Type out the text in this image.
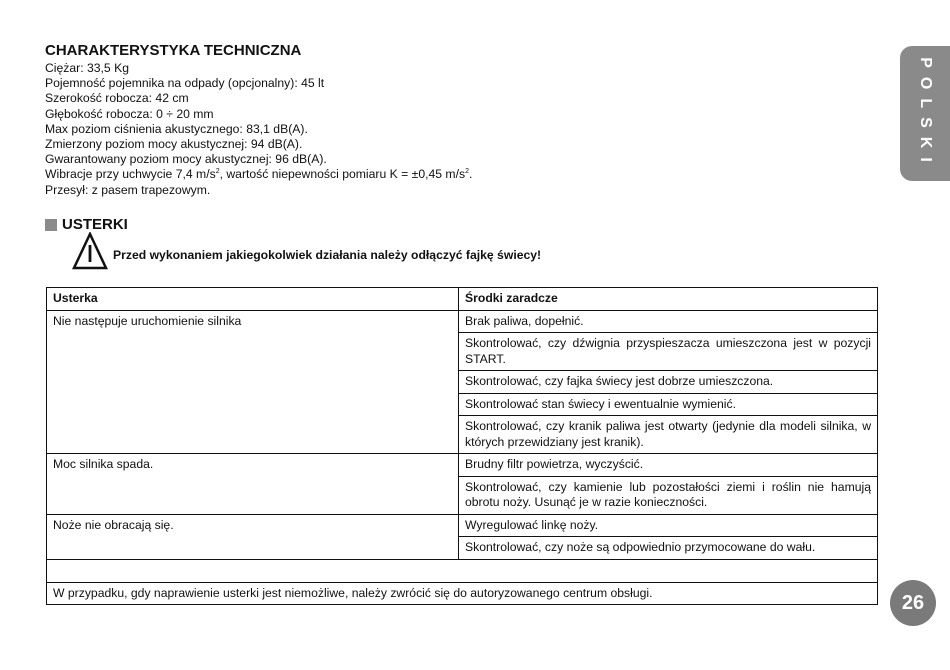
CHARAKTERYSTYKA TECHNICZNA
Ciężar: 33,5 Kg
Pojemność pojemnika na odpady (opcjonalny): 45 lt
Szerokość robocza: 42 cm
Głębokość robocza: 0 ÷ 20 mm
Max poziom ciśnienia akustycznego: 83,1 dB(A).
Zmierzony poziom mocy akustycznej: 94 dB(A).
Gwarantowany poziom mocy akustycznej: 96 dB(A).
Wibracje przy uchwycie 7,4 $m/s^2$, wartość niepewności pomiaru K = ±0,45 $m/s^2$.
Przesył: z pasem trapezowym.
USTERKI
Przed wykonaniem jakiegokolwiek działania należy odłączyć fajkę świecy!
Usterka	Środki zaradcze
Nie następuje uruchomienie silnika	Brak paliwa, dopełnić.
	Skontrolować, czy dźwignia przyspieszacza umieszczona jest w pozycji START.
	Skontrolować, czy fajka świecy jest dobrze umieszczona.
	Skontrolować stan świecy i ewentualnie wymienić.
	Skontrolować, czy kranik paliwa jest otwarty (jedynie dla modeli silnika, w których przewidziany jest kranik).
Moc silnika spada.	Brudny filtr powietrza, wyczyścić.
	Skontrolować, czy kamienie lub pozostałości ziemi i roślin nie hamują obrotu noży. Usunąć je w razie konieczności.
Noże nie obracają się.	Wyregulować linkę noży.
	Skontrolować, czy noże są odpowiednio przymocowane do wału.

W przypadku, gdy naprawienie usterki jest niemożliwe, należy zwrócić się do autoryzowanego centrum obsługi.	
POLSKI
26
